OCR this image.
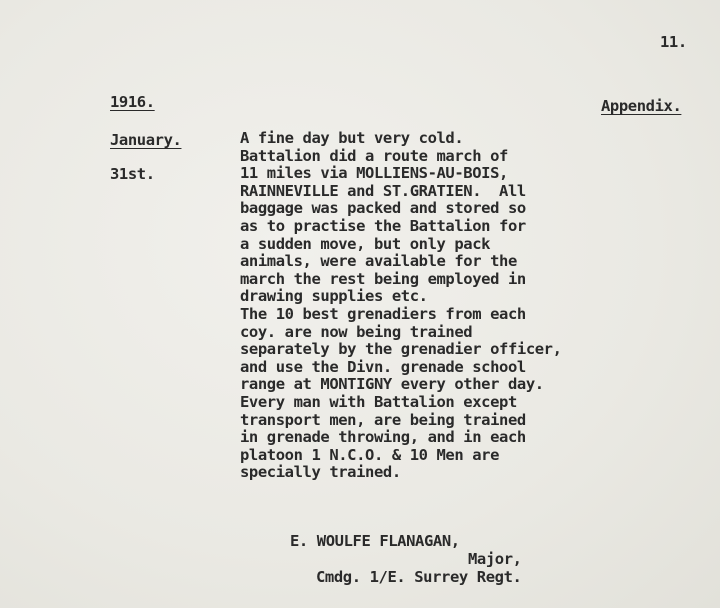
11.
1916.	Appendix.
January.
31st.
A fine day but very cold.
Battalion did a route march of
11 miles via MOLLIENS-AU-BOIS,
RAINNEVILLE and ST.GRATIEN.  All
baggage was packed and stored so
as to practise the Battalion for
a sudden move, but only pack
animals, were available for the
march the rest being employed in
drawing supplies etc.
The 10 best grenadiers from each
coy. are now being trained
separately by the grenadier officer,
and use the Divn. grenade school
range at MONTIGNY every other day.
Every man with Battalion except
transport men, are being trained
in grenade throwing, and in each
platoon 1 N.C.O. & 10 Men are
specially trained.
E. WOULFE FLANAGAN,
Major,
Cmdg. 1/E. Surrey Regt.
